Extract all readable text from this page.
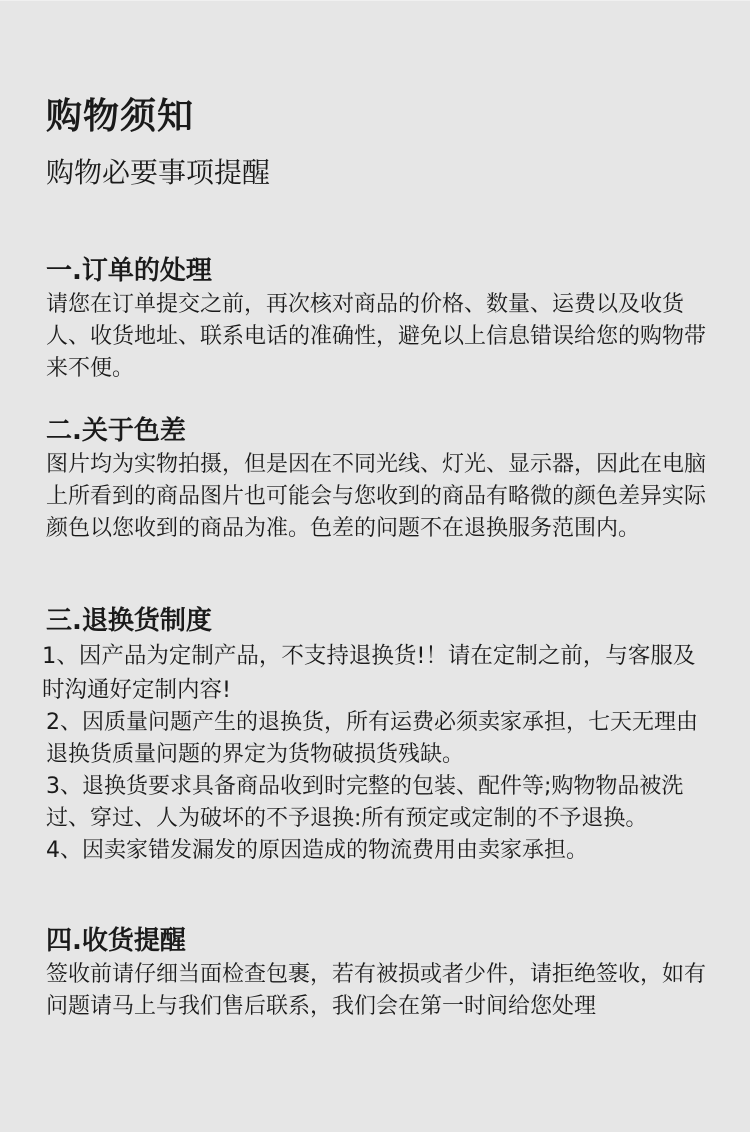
购物须知

购物必要事项提醒

一.订单的处理

请您在订单提交之前，再次核对商品的价格、数量、运费以及收货人、收货地址、联系电话的准确性，避免以上信息错误给您的购物带来不便。

二.关于色差

图片均为实物拍摄，但是因在不同光线、灯光、显示器，因此在电脑上所看到的商品图片也可能会与您收到的商品有略微的颜色差异实际颜色以您收到的商品为准。色差的问题不在退换服务范围内。

三.退换货制度

1、因产品为定制产品，不支持退换货!！请在定制之前，与客服及时沟通好定制内容!

2、因质量问题产生的退换货，所有运费必须卖家承担，七天无理由退换货质量问题的界定为货物破损货残缺。

3、退换货要求具备商品收到时完整的包装、配件等;购物物品被洗过、穿过、人为破坏的不予退换:所有预定或定制的不予退换。

4、因卖家错发漏发的原因造成的物流费用由卖家承担。

四.收货提醒

签收前请仔细当面检查包裹，若有被损或者少件，请拒绝签收，如有问题请马上与我们售后联系，我们会在第一时间给您处理
